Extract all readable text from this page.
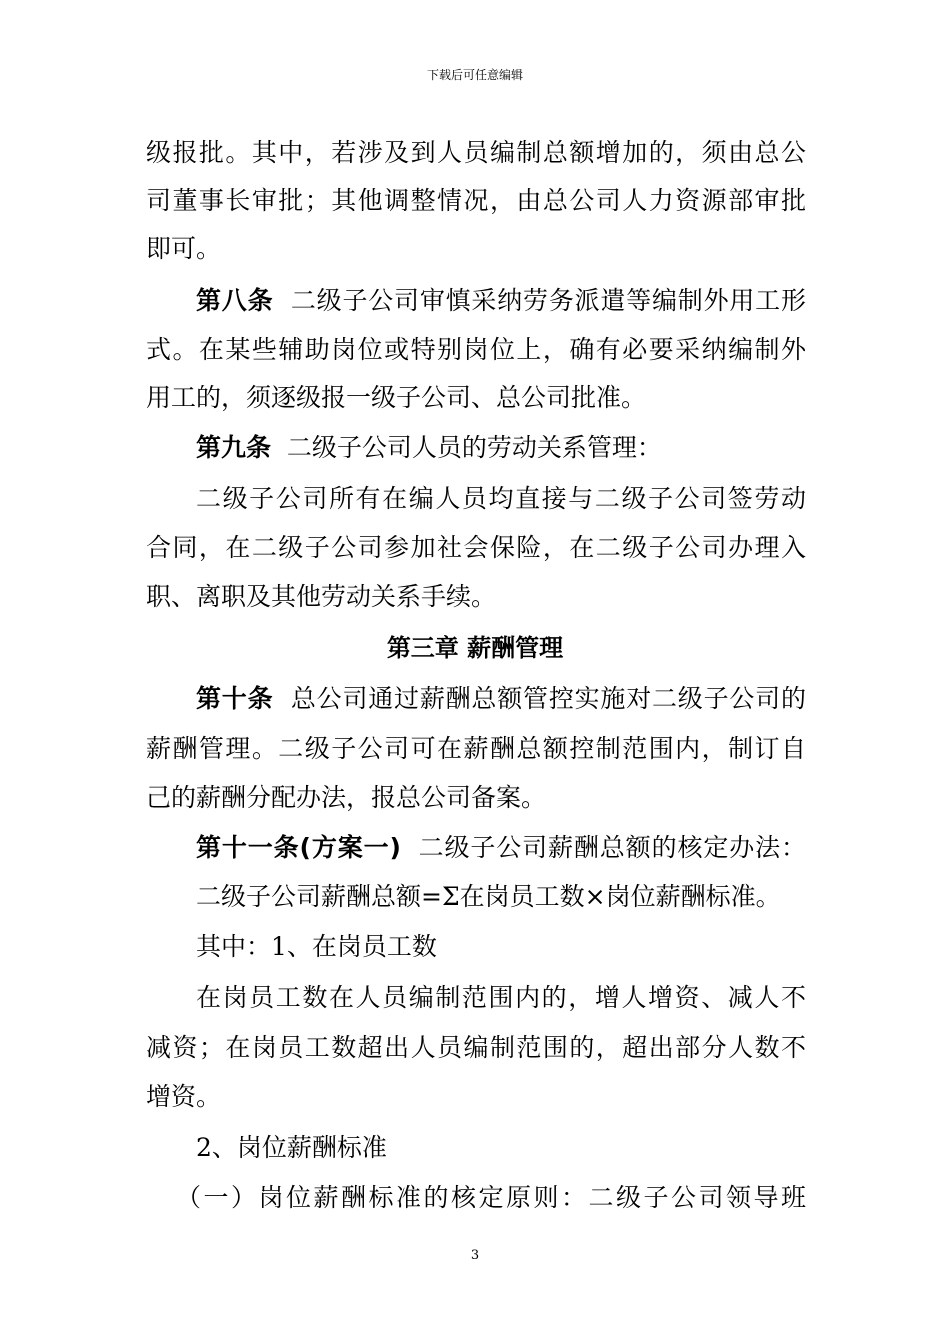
下载后可任意编辑
级报批。其中，若涉及到人员编制总额增加的，须由总公
司董事长审批；其他调整情况，由总公司人力资源部审批
即可。
第八条 二级子公司审慎采纳劳务派遣等编制外用工形
式。在某些辅助岗位或特别岗位上，确有必要采纳编制外
用工的，须逐级报一级子公司、总公司批准。
第九条 二级子公司人员的劳动关系管理：
二级子公司所有在编人员均直接与二级子公司签劳动
合同，在二级子公司参加社会保险，在二级子公司办理入
职、离职及其他劳动关系手续。
第三章 薪酬管理
第十条 总公司通过薪酬总额管控实施对二级子公司的
薪酬管理。二级子公司可在薪酬总额控制范围内，制订自
己的薪酬分配办法，报总公司备案。
第十一条(方案一) 二级子公司薪酬总额的核定办法：
二级子公司薪酬总额=Σ在岗员工数×岗位薪酬标准。
其中：1、在岗员工数
在岗员工数在人员编制范围内的，增人增资、减人不
减资；在岗员工数超出人员编制范围的，超出部分人数不
增资。
2、岗位薪酬标准
（一）岗位薪酬标准的核定原则：二级子公司领导班
3
